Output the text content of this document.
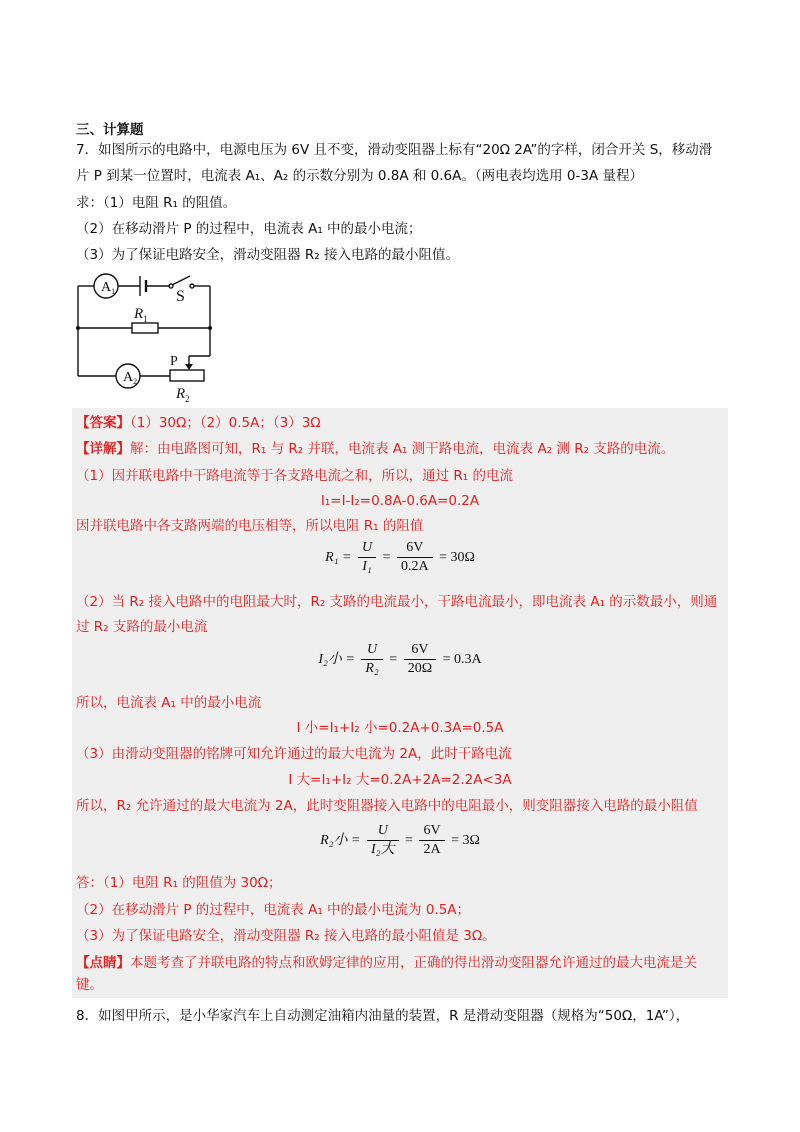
三、计算题
7．如图所示的电路中，电源电压为 6V 且不变，滑动变阻器上标有“20Ω 2A”的字样，闭合开关 S，移动滑
片 P 到某一位置时，电流表 A₁、A₂ 的示数分别为 0.8A 和 0.6A。（两电表均选用 0-3A 量程）
求：（1）电阻 R₁ 的阻值。
（2）在移动滑片 P 的过程中，电流表 A₁ 中的最小电流；
（3）为了保证电路安全，滑动变阻器 R₂ 接入电路的最小阻值。
$A_1$
$A_2$
S
$R_1$
P
$R_2$
【答案】（1）30Ω；（2）0.5A；（3）3Ω
【详解】解：由电路图可知，R₁ 与 R₂ 并联，电流表 A₁ 测干路电流，电流表 A₂ 测 R₂ 支路的电流。
（1）因并联电路中干路电流等于各支路电流之和，所以，通过 R₁ 的电流
I₁=I-I₂=0.8A-0.6A=0.2A
因并联电路中各支路两端的电压相等，所以电阻 R₁ 的阻值
$R_1 = \frac{U}{\text{I₁}} = \frac{6V}{0.2A} = 30\Omega$
（2）当 R₂ 接入电路中的电阻最大时，R₂ 支路的电流最小，干路电流最小，即电流表 A₁ 的示数最小，则通
过 R₂ 支路的最小电流
I₂小 = $\frac{U}{\text{R₂}} = \frac{6V}{20\Omega} = 0.3A$
所以，电流表 A₁ 中的最小电流
I 小=I₁+I₂ 小=0.2A+0.3A=0.5A
（3）由滑动变阻器的铭牌可知允许通过的最大电流为 2A，此时干路电流
I 大=I₁+I₂ 大=0.2A+2A=2.2A<3A
所以，R₂ 允许通过的最大电流为 2A，此时变阻器接入电路中的电阻最小，则变阻器接入电路的最小阻值
R₂小 = $\frac{U}{\text{I₂大}} = \frac{6V}{2A} = 3\Omega$
答：（1）电阻 R₁ 的阻值为 30Ω；
（2）在移动滑片 P 的过程中，电流表 A₁ 中的最小电流为 0.5A；
（3）为了保证电路安全，滑动变阻器 R₂ 接入电路的最小阻值是 3Ω。
【点睛】本题考查了并联电路的特点和欧姆定律的应用，正确的得出滑动变阻器允许通过的最大电流是关
键。
8．如图甲所示，是小华家汽车上自动测定油箱内油量的装置，R 是滑动变阻器（规格为“50Ω，1A”），
